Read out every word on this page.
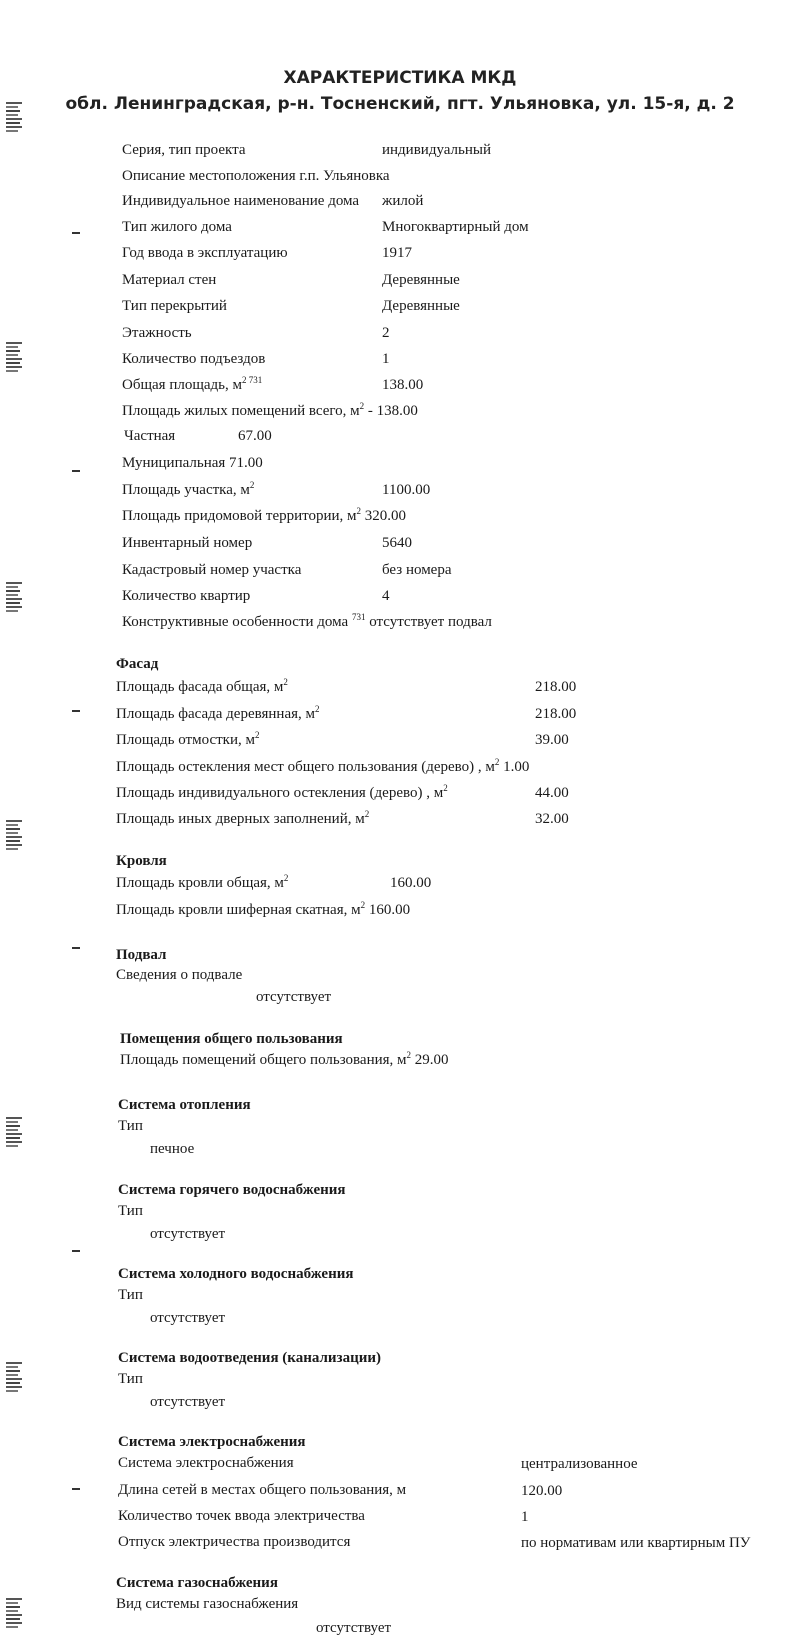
ХАРАКТЕРИСТИКА МКД
обл. Ленинградская, р-н. Тосненский, пгт. Ульяновка, ул. 15-я, д. 2
Серия, тип проекта	индивидуальный
Описание местоположения г.п. Ульяновка
Индивидуальное наименование дома жилой
Тип жилого дома	Многоквартирный дом
Год ввода в эксплуатацию	1917
Материал стен	Деревянные
Тип перекрытий	Деревянные
Этажность	2
Количество подъездов	1
Общая площадь, $м^{2 731}$	138.00
Площадь жилых помещений всего, $м^2 - 138.00$
Частная	67.00
Муниципальная 71.00
Площадь участка, $м^2$	1100.00
Площадь придомовой территории, $м^2$ 320.00
Инвентарный номер	5640
Кадастровый номер участка	без номера
Количество квартир	4
Конструктивные особенности дома $^{731}$ отсутствует подвал
Фасад
Площадь фасада общая, $м^2$	218.00
Площадь фасада деревянная, $м^2$	218.00
Площадь отмостки, $м^2$	39.00
Площадь остекления мест общего пользования (дерево) , $м^2$ 1.00
Площадь индивидуального остекления (дерево) , $м^2$	44.00
Площадь иных дверных заполнений, $м^2$	32.00
Кровля
Площадь кровли общая, $м^2$	160.00
Площадь кровли шиферная скатная, $м^2$ 160.00
Подвал
Сведения о подвале
отсутствует
Помещения общего пользования
Площадь помещений общего пользования, $м^2$ 29.00
Система отопления
Тип
печное
Система горячего водоснабжения
Тип
отсутствует
Система холодного водоснабжения
Тип
отсутствует
Система водоотведения (канализации)
Тип
отсутствует
Система электроснабжения
Система электроснабжения	централизованное
Длина сетей в местах общего пользования, м	120.00
Количество точек ввода электричества	1
Отпуск электричества производится	по нормативам или квартирным ПУ
Система газоснабжения
Вид системы газоснабжения
отсутствует
